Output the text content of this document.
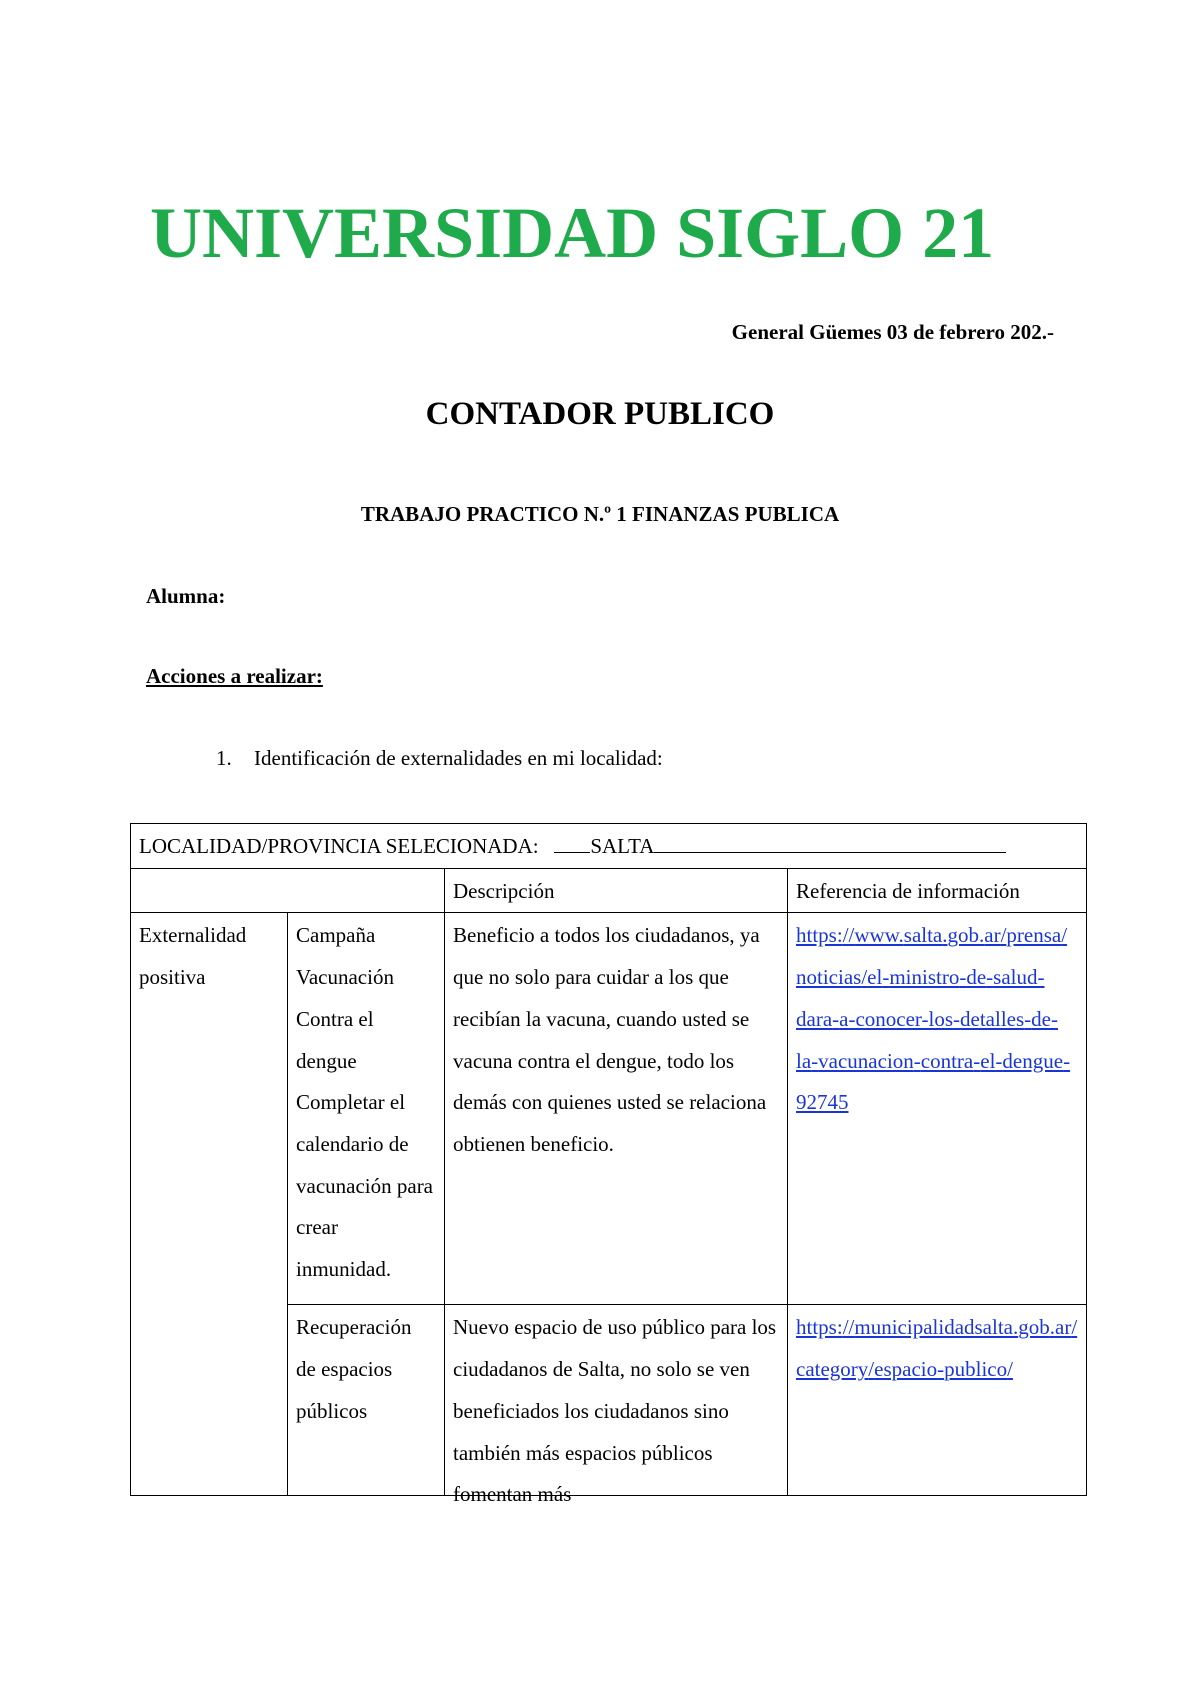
UNIVERSIDAD SIGLO 21
General Güemes 03 de febrero 202.-
CONTADOR PUBLICO
TRABAJO PRACTICO N.º 1 FINANZAS PUBLICA
Alumna:
Acciones a realizar:
1. Identificación de externalidades en mi localidad:
LOCALIDAD/PROVINCIA SELECIONADA: SALTA			
		Descripción	Referencia de información
Externalidad positiva	Campaña Vacunación Contra el dengue Completar el calendario de vacunación para crear inmunidad.	Beneficio a todos los ciudadanos, ya que no solo para cuidar a los que recibían la vacuna, cuando usted se vacuna contra el dengue, todo los demás con quienes usted se relaciona obtienen beneficio.	https://www.salta.gob.ar/prensa/noticias/el-ministro-de-salud-dara-a-conocer-los-detalles-de-la-vacunacion-contra-el-dengue-92745

	Recuperación de espacios públicos	Nuevo espacio de uso público para los ciudadanos de Salta, no solo se ven beneficiados los ciudadanos sino también más espacios públicos fomentan más	https://municipalidadsalta.gob.ar/category/espacio-publico/
